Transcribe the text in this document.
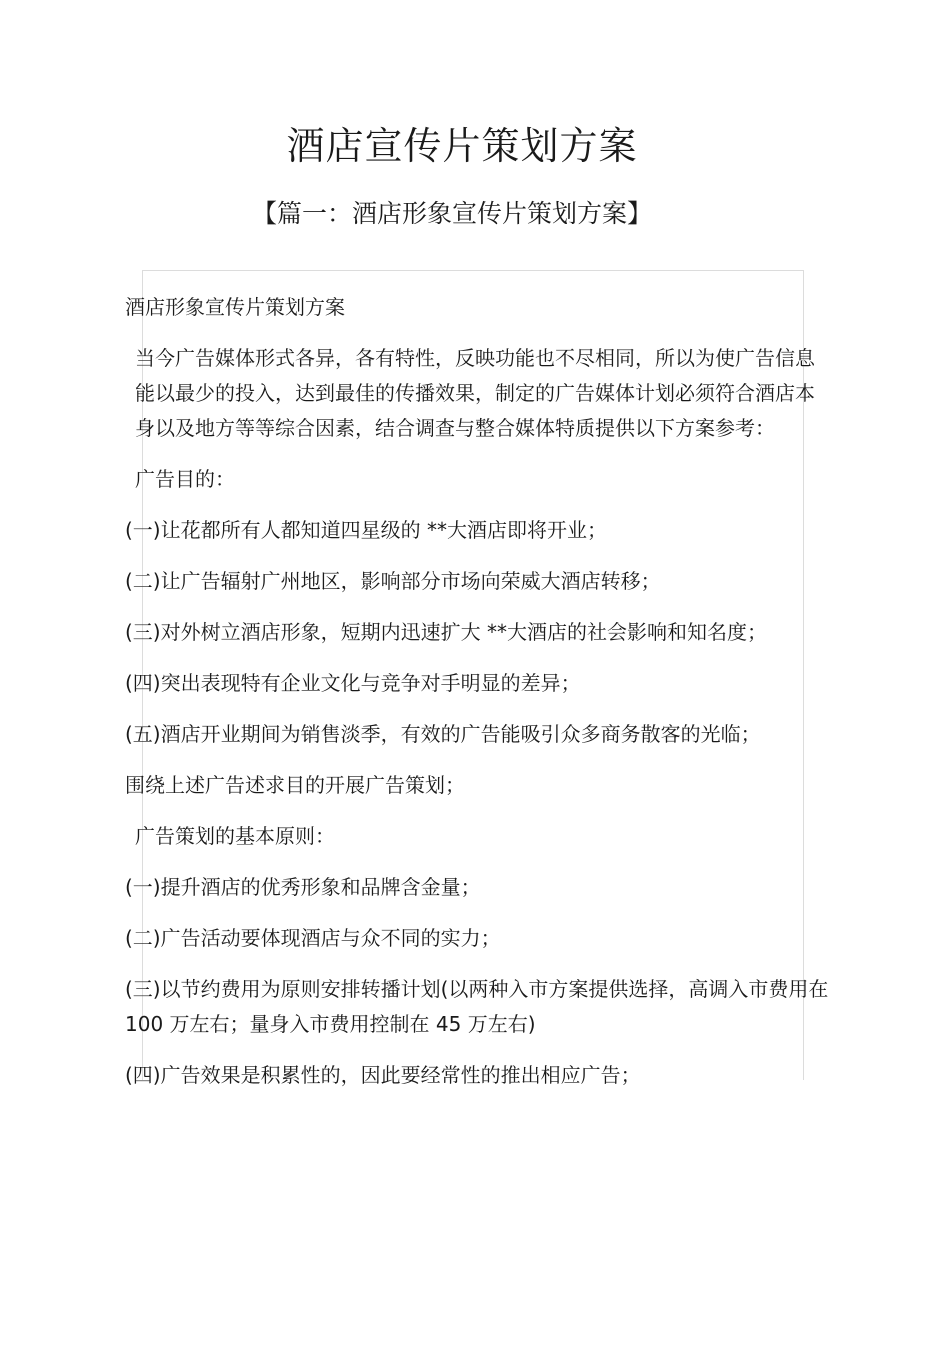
酒店宣传片策划方案
【篇一：酒店形象宣传片策划方案】

酒店形象宣传片策划方案

当今广告媒体形式各异，各有特性，反映功能也不尽相同，所以为使广告信息能以最少的投入，达到最佳的传播效果，制定的广告媒体计划必须符合酒店本身以及地方等等综合因素，结合调查与整合媒体特质提供以下方案参考：

广告目的：

(一)让花都所有人都知道四星级的 **大酒店即将开业；

(二)让广告辐射广州地区，影响部分市场向荣威大酒店转移；

(三)对外树立酒店形象，短期内迅速扩大 **大酒店的社会影响和知名度；

(四)突出表现特有企业文化与竞争对手明显的差异；

(五)酒店开业期间为销售淡季，有效的广告能吸引众多商务散客的光临；

围绕上述广告述求目的开展广告策划；

广告策划的基本原则：

(一)提升酒店的优秀形象和品牌含金量；

(二)广告活动要体现酒店与众不同的实力；

(三)以节约费用为原则安排转播计划(以两种入市方案提供选择，高调入市费用在 100 万左右；量身入市费用控制在 45 万左右)

(四)广告效果是积累性的，因此要经常性的推出相应广告；
